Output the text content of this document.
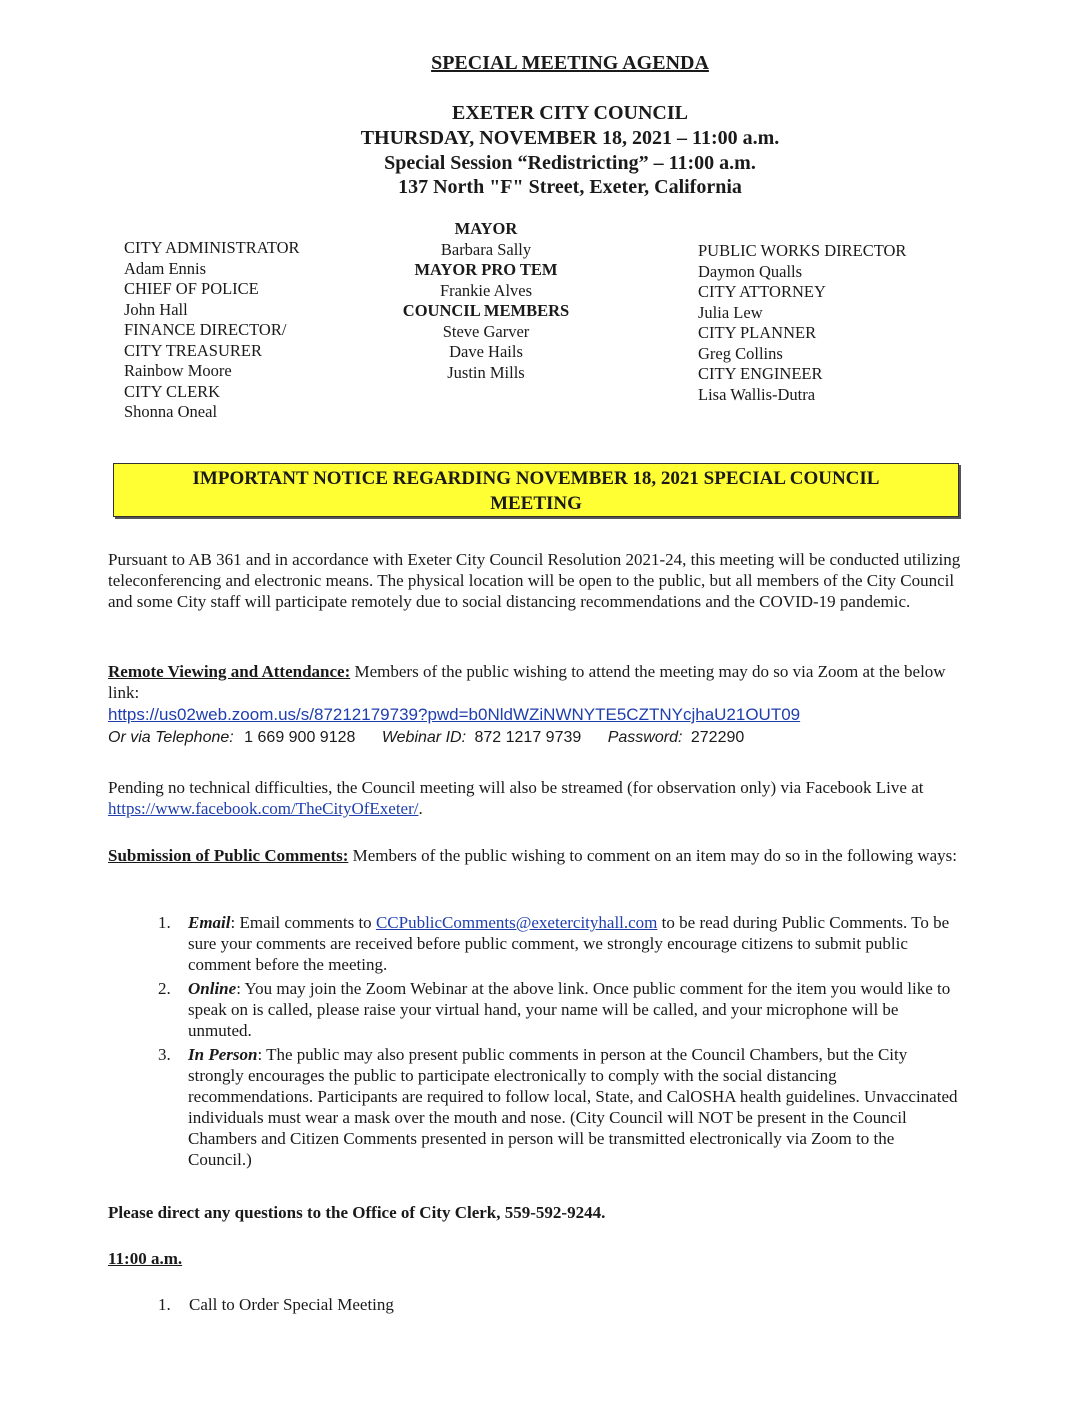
SPECIAL MEETING AGENDA
EXETER CITY COUNCIL
THURSDAY, NOVEMBER 18, 2021 – 11:00 a.m.
Special Session “Redistricting” – 11:00 a.m.
137 North "F" Street, Exeter, California
CITY ADMINISTRATOR
Adam Ennis
CHIEF OF POLICE
John Hall
FINANCE DIRECTOR/
CITY TREASURER
Rainbow Moore
CITY CLERK
Shonna Oneal
MAYOR
Barbara Sally
MAYOR PRO TEM
Frankie Alves
COUNCIL MEMBERS
Steve Garver
Dave Hails
Justin Mills
PUBLIC WORKS DIRECTOR
Daymon Qualls
CITY ATTORNEY
Julia Lew
CITY PLANNER
Greg Collins
CITY ENGINEER
Lisa Wallis-Dutra
IMPORTANT NOTICE REGARDING NOVEMBER 18, 2021 SPECIAL COUNCIL
MEETING
Pursuant to AB 361 and in accordance with Exeter City Council Resolution 2021-24, this meeting will be conducted utilizing teleconferencing and electronic means. The physical location will be open to the public, but all members of the City Council and some City staff will participate remotely due to social distancing recommendations and the COVID-19 pandemic.
Remote Viewing and Attendance: Members of the public wishing to attend the meeting may do so via Zoom at the below link:
https://us02web.zoom.us/s/87212179739?pwd=b0NldWZiNWNYTE5CZTNYcjhaU21OUT09
Or via Telephone: 1 669 900 9128 Webinar ID: 872 1217 9739 Password: 272290
Pending no technical difficulties, the Council meeting will also be streamed (for observation only) via Facebook Live at https://www.facebook.com/TheCityOfExeter/.
Submission of Public Comments: Members of the public wishing to comment on an item may do so in the following ways:
1. Email: Email comments to CCPublicComments@exetercityhall.com to be read during Public Comments. To be sure your comments are received before public comment, we strongly encourage citizens to submit public comment before the meeting.
2. Online: You may join the Zoom Webinar at the above link. Once public comment for the item you would like to speak on is called, please raise your virtual hand, your name will be called, and your microphone will be unmuted.
3. In Person: The public may also present public comments in person at the Council Chambers, but the City strongly encourages the public to participate electronically to comply with the social distancing recommendations. Participants are required to follow local, State, and CalOSHA health guidelines. Unvaccinated individuals must wear a mask over the mouth and nose. (City Council will NOT be present in the Council Chambers and Citizen Comments presented in person will be transmitted electronically via Zoom to the Council.)
Please direct any questions to the Office of City Clerk, 559-592-9244.
11:00 a.m.
1. Call to Order Special Meeting
